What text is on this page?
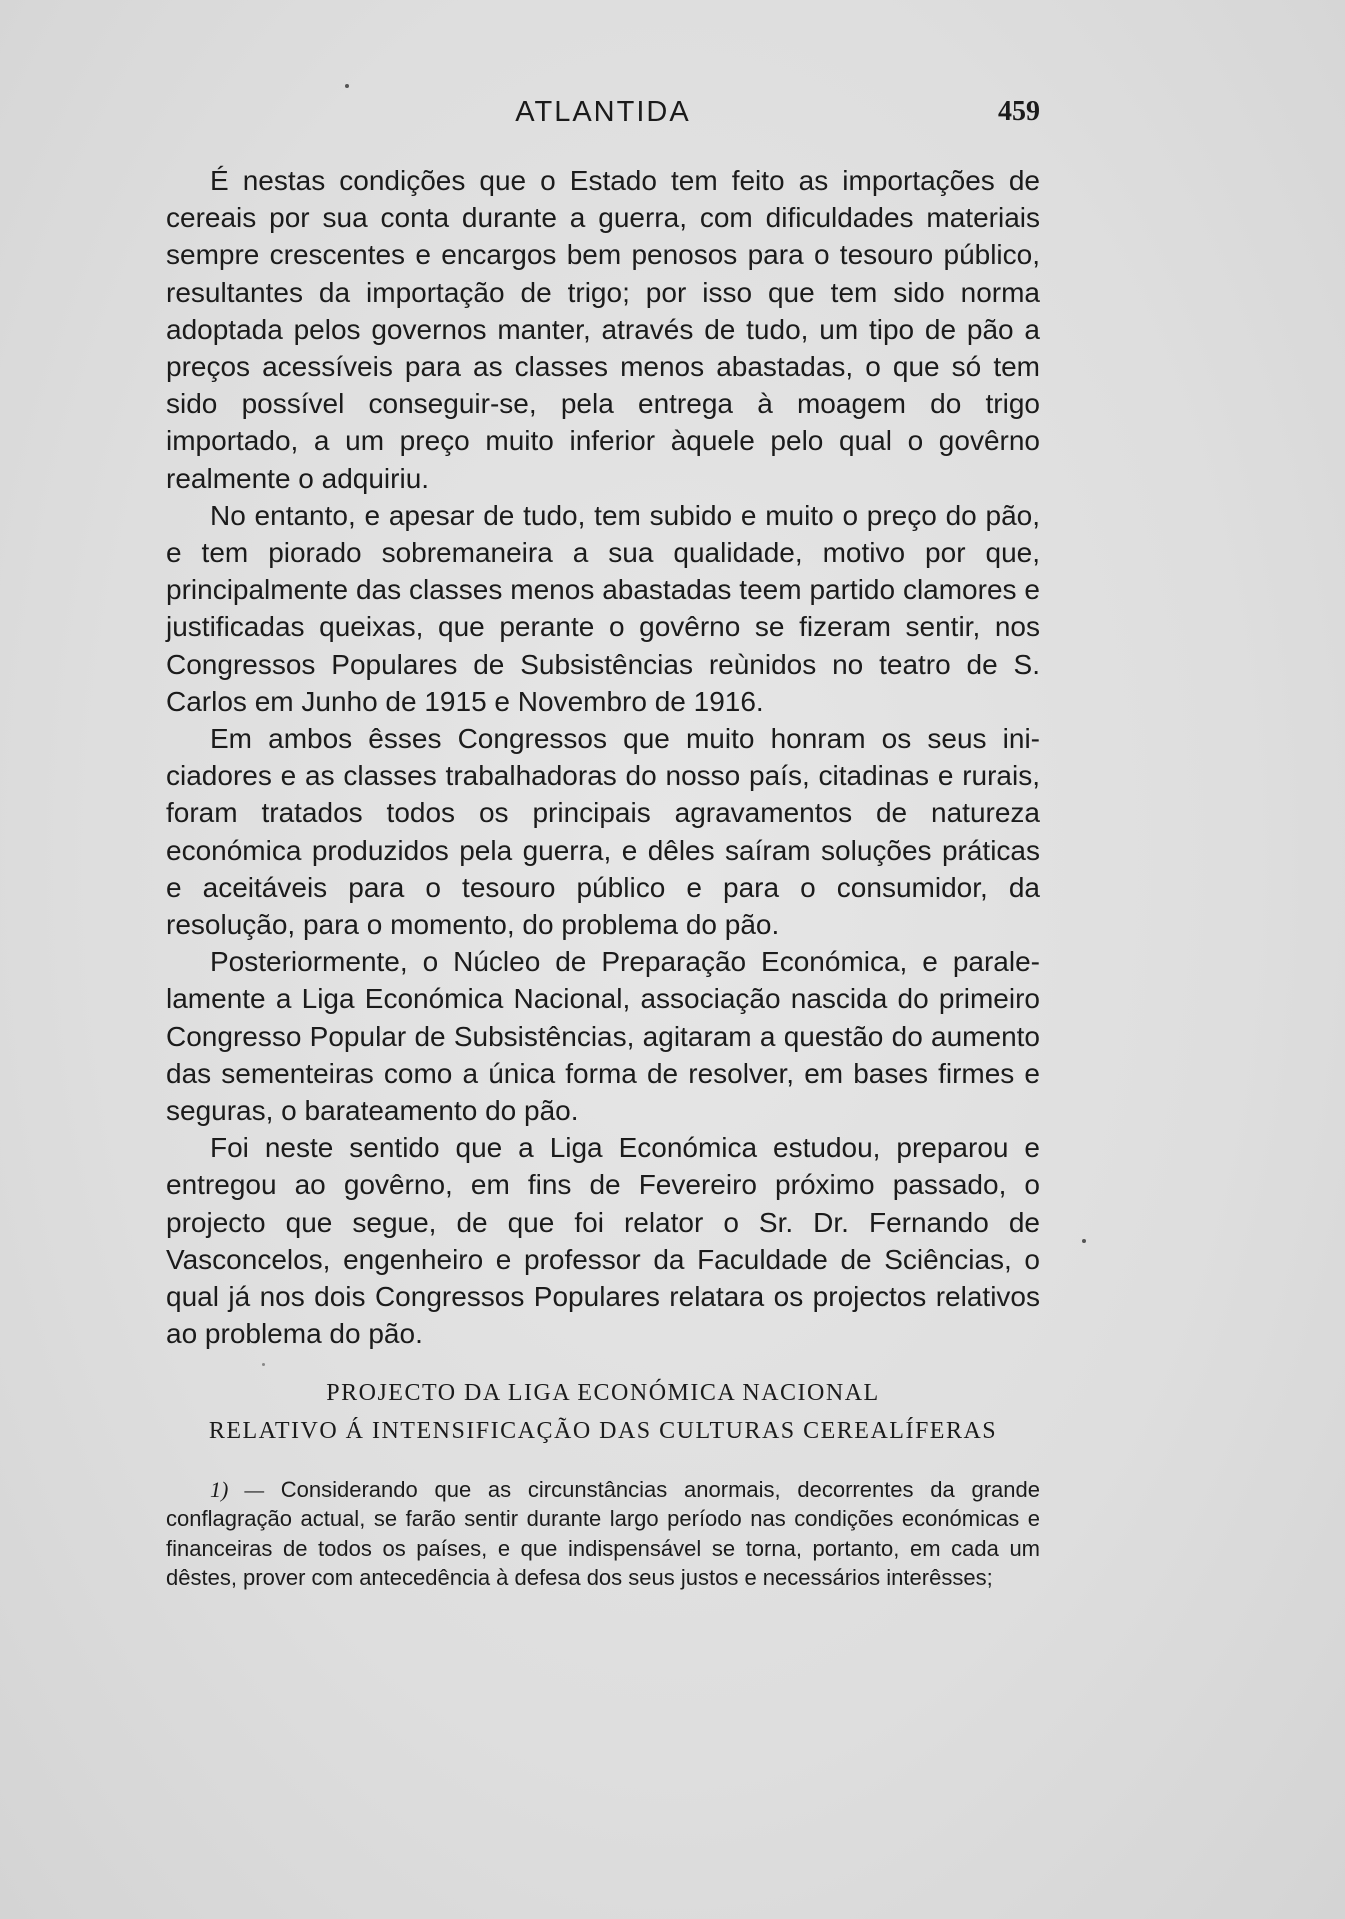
ATLANTIDA	459

É nestas condições que o Estado tem feito as importações de cereais por sua conta durante a guerra, com dificuldades materiais sempre crescentes e encargos bem penosos para o tesouro público, resultantes da importação de trigo; por isso que tem sido norma adoptada pelos governos manter, através de tudo, um tipo de pão a preços acessíveis para as classes menos abastadas, o que só tem sido possível conseguir-se, pela entrega à moagem do trigo importado, a um preço muito inferior àquele pelo qual o govêrno realmente o adquiriu.

No entanto, e apesar de tudo, tem subido e muito o preço do pão, e tem piorado sobremaneira a sua qualidade, motivo por que, principalmente das classes menos abastadas teem partido clamores e justificadas queixas, que perante o govêrno se fizeram sentir, nos Congressos Populares de Subsistências reùnidos no teatro de S. Carlos em Junho de 1915 e Novembro de 1916.

Em ambos êsses Congressos que muito honram os seus iniciadores e as classes trabalhadoras do nosso país, citadinas e rurais, foram tratados todos os principais agravamentos de natureza económica produzidos pela guerra, e dêles saíram soluções práticas e aceitáveis para o tesouro público e para o consumidor, da resolução, para o momento, do problema do pão.

Posteriormente, o Núcleo de Preparação Económica, e paralelamente a Liga Económica Nacional, associação nascida do primeiro Congresso Popular de Subsistências, agitaram a questão do aumento das sementeiras como a única forma de resolver, em bases firmes e seguras, o barateamento do pão.

Foi neste sentido que a Liga Económica estudou, preparou e entregou ao govêrno, em fins de Fevereiro próximo passado, o projecto que segue, de que foi relator o Sr. Dr. Fernando de Vasconcelos, engenheiro e professor da Faculdade de Sciências, o qual já nos dois Congressos Populares relatara os projectos relativos ao problema do pão.

PROJECTO DA LIGA ECONÓMICA NACIONAL
RELATIVO Á INTENSIFICAÇÃO DAS CULTURAS CEREALÍFERAS

1) — Considerando que as circunstâncias anormais, decorrentes da grande conflagração actual, se farão sentir durante largo período nas condições económicas e financeiras de todos os países, e que indispensável se torna, portanto, em cada um dêstes, prover com antecedência à defesa dos seus justos e necessários interêsses;
